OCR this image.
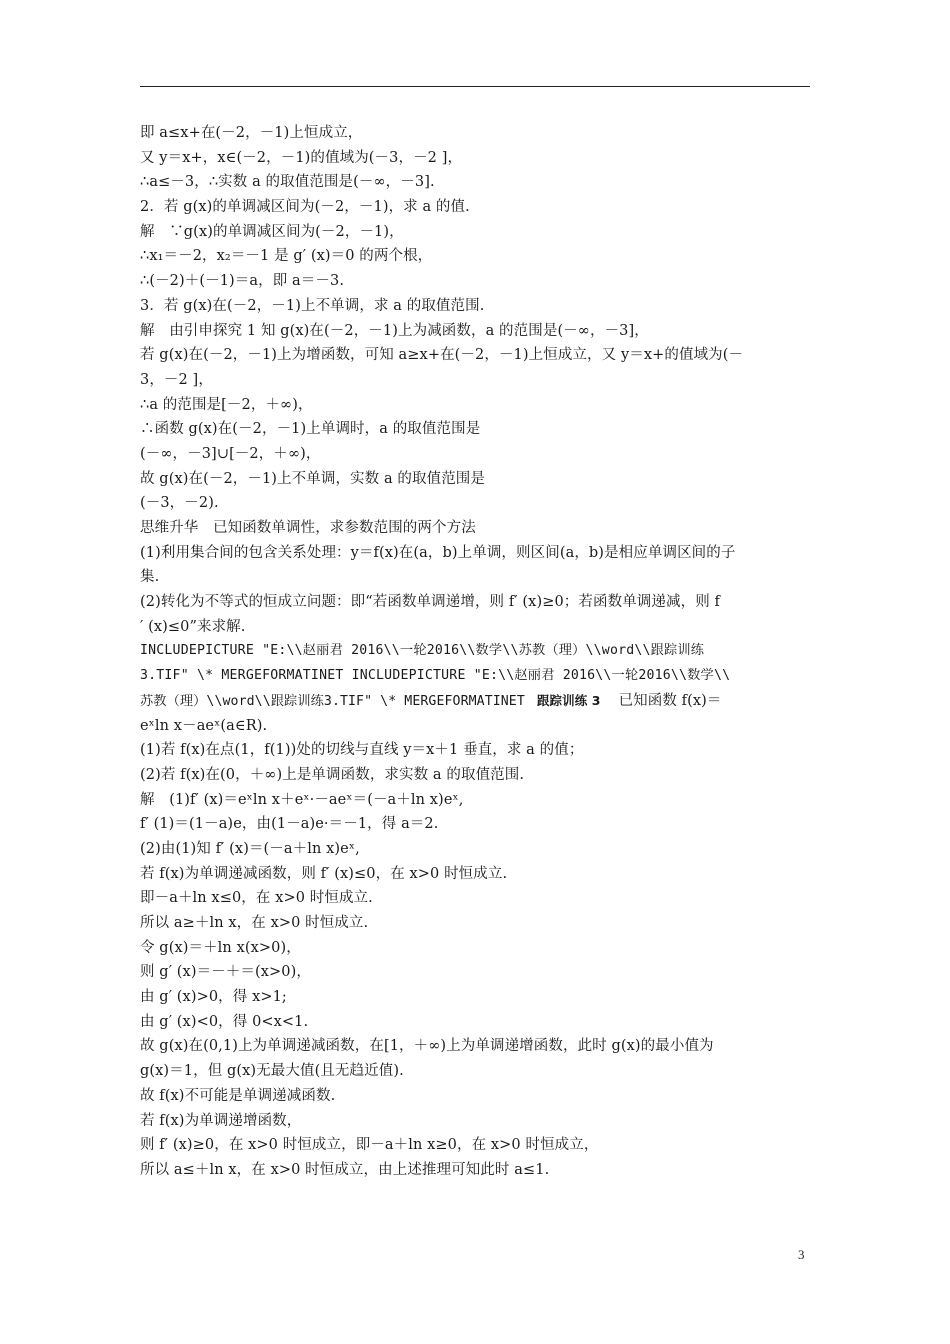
即 a≤x+在(－2，－1)上恒成立，
又 y＝x+，x∈(－2，－1)的值域为(－3，－2 ]，
∴a≤－3，∴实数 a 的取值范围是(－∞，－3].
2．若 g(x)的单调减区间为(－2，－1)，求 a 的值.
解　∵g(x)的单调减区间为(－2，－1)，
∴x₁＝－2，x₂＝－1 是 g′ (x)＝0 的两个根，
∴(－2)＋(－1)＝a，即 a＝－3.
3．若 g(x)在(－2，－1)上不单调，求 a 的取值范围.
解　由引申探究 1 知 g(x)在(－2，－1)上为减函数，a 的范围是(－∞，－3]，
若 g(x)在(－2，－1)上为增函数，可知 a≥x+在(－2，－1)上恒成立，又 y＝x+的值域为(－
3，－2 ]，
∴a 的范围是[－2，＋∞)，
∴函数 g(x)在(－2，－1)上单调时，a 的取值范围是
(－∞，－3]∪[－2，＋∞)，
故 g(x)在(－2，－1)上不单调，实数 a 的取值范围是
(－3，－2).
思维升华　已知函数单调性，求参数范围的两个方法
(1)利用集合间的包含关系处理：y＝f(x)在(a，b)上单调，则区间(a，b)是相应单调区间的子
集.
(2)转化为不等式的恒成立问题：即“若函数单调递增，则 f′ (x)≥0；若函数单调递减，则 f
′ (x)≤0”来求解.
INCLUDEPICTURE "E:\\赵丽君 2016\\一轮2016\\数学\\苏教（理）\\word\\跟踪训练
3.TIF" \* MERGEFORMATINET INCLUDEPICTURE "E:\\赵丽君 2016\\一轮2016\\数学\\
苏教（理）\\word\\跟踪训练3.TIF" \* MERGEFORMATINET 跟踪训练 3 已知函数 f(x)＝
eˣln x－aeˣ(a∈R).
(1)若 f(x)在点(1，f(1))处的切线与直线 y＝x＋1 垂直，求 a 的值；
(2)若 f(x)在(0，＋∞)上是单调函数，求实数 a 的取值范围.
解　(1)f′ (x)＝eˣln x＋eˣ·－aeˣ＝(－a＋ln x)eˣ,
f′ (1)＝(1－a)e，由(1－a)e·＝－1，得 a＝2.
(2)由(1)知 f′ (x)＝(－a＋ln x)eˣ,
若 f(x)为单调递减函数，则 f′ (x)≤0，在 x>0 时恒成立.
即－a＋ln x≤0，在 x>0 时恒成立.
所以 a≥＋ln x，在 x>0 时恒成立.
令 g(x)＝＋ln x(x>0)，
则 g′ (x)＝－＋＝(x>0)，
由 g′ (x)>0，得 x>1;
由 g′ (x)<0，得 0<x<1.
故 g(x)在(0,1)上为单调递减函数，在[1，＋∞)上为单调递增函数，此时 g(x)的最小值为
g(x)＝1，但 g(x)无最大值(且无趋近值).
故 f(x)不可能是单调递减函数.
若 f(x)为单调递增函数，
则 f′ (x)≥0，在 x>0 时恒成立，即－a＋ln x≥0，在 x>0 时恒成立，
所以 a≤＋ln x，在 x>0 时恒成立，由上述推理可知此时 a≤1.
3
